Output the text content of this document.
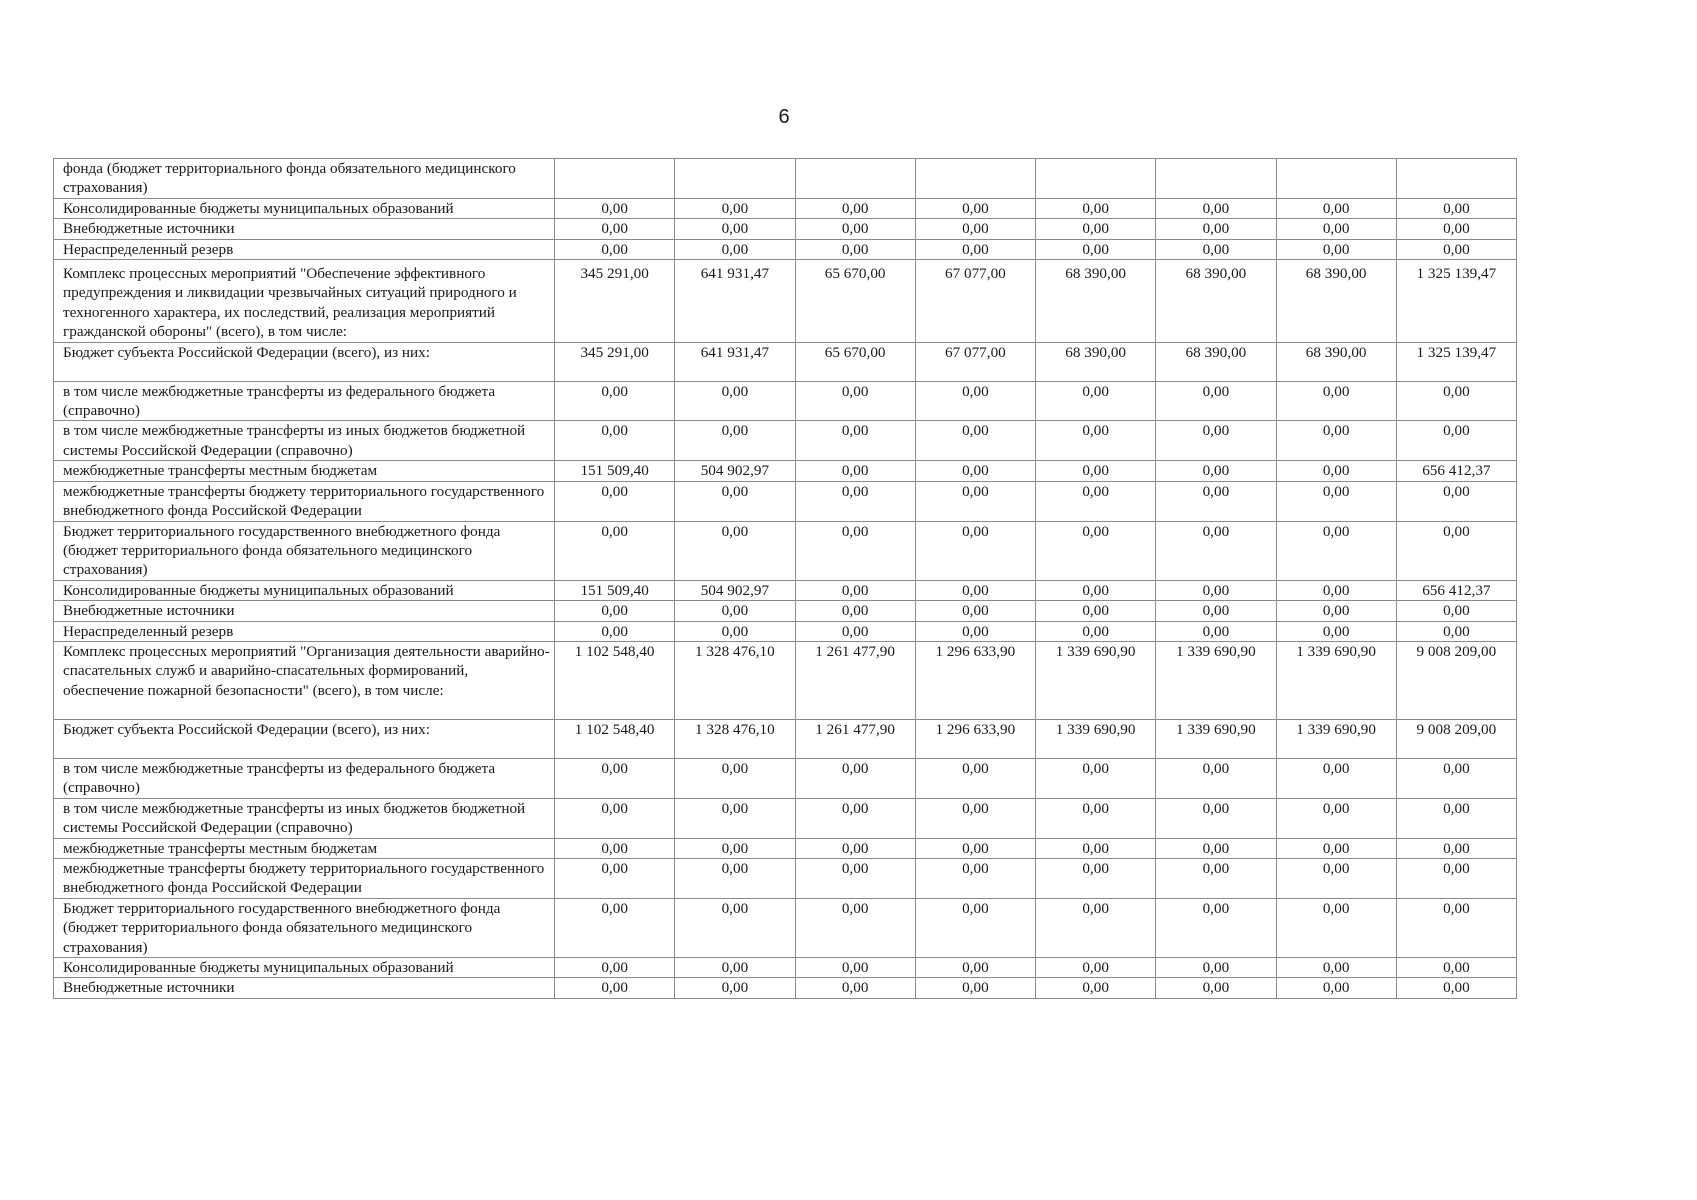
6
фонда (бюджет территориального фонда обязательного медицинского страхования)								
Консолидированные бюджеты муниципальных образований	0,00	0,00	0,00	0,00	0,00	0,00	0,00	0,00
Внебюджетные источники	0,00	0,00	0,00	0,00	0,00	0,00	0,00	0,00
Нераспределенный резерв	0,00	0,00	0,00	0,00	0,00	0,00	0,00	0,00
Комплекс процессных мероприятий "Обеспечение эффективного предупреждения и ликвидации чрезвычайных ситуаций природного и техногенного характера, их последствий, реализация мероприятий гражданской обороны" (всего), в том числе:	345 291,00	641 931,47	65 670,00	67 077,00	68 390,00	68 390,00	68 390,00	1 325 139,47
Бюджет субъекта Российской Федерации (всего), из них:	345 291,00	641 931,47	65 670,00	67 077,00	68 390,00	68 390,00	68 390,00	1 325 139,47
в том числе межбюджетные трансферты из федерального бюджета (справочно)	0,00	0,00	0,00	0,00	0,00	0,00	0,00	0,00
в том числе межбюджетные трансферты из иных бюджетов бюджетной системы Российской Федерации (справочно)	0,00	0,00	0,00	0,00	0,00	0,00	0,00	0,00
межбюджетные трансферты местным бюджетам	151 509,40	504 902,97	0,00	0,00	0,00	0,00	0,00	656 412,37
межбюджетные трансферты бюджету территориального государственного внебюджетного фонда Российской Федерации	0,00	0,00	0,00	0,00	0,00	0,00	0,00	0,00
Бюджет территориального государственного внебюджетного фонда (бюджет территориального фонда обязательного медицинского страхования)	0,00	0,00	0,00	0,00	0,00	0,00	0,00	0,00
Консолидированные бюджеты муниципальных образований	151 509,40	504 902,97	0,00	0,00	0,00	0,00	0,00	656 412,37
Внебюджетные источники	0,00	0,00	0,00	0,00	0,00	0,00	0,00	0,00
Нераспределенный резерв	0,00	0,00	0,00	0,00	0,00	0,00	0,00	0,00
Комплекс процессных мероприятий "Организация деятельности аварийно-спасательных служб и аварийно-спасательных формирований, обеспечение пожарной безопасности" (всего), в том числе:	1 102 548,40	1 328 476,10	1 261 477,90	1 296 633,90	1 339 690,90	1 339 690,90	1 339 690,90	9 008 209,00
Бюджет субъекта Российской Федерации (всего), из них:	1 102 548,40	1 328 476,10	1 261 477,90	1 296 633,90	1 339 690,90	1 339 690,90	1 339 690,90	9 008 209,00
в том числе межбюджетные трансферты из федерального бюджета (справочно)	0,00	0,00	0,00	0,00	0,00	0,00	0,00	0,00
в том числе межбюджетные трансферты из иных бюджетов бюджетной системы Российской Федерации (справочно)	0,00	0,00	0,00	0,00	0,00	0,00	0,00	0,00
межбюджетные трансферты местным бюджетам	0,00	0,00	0,00	0,00	0,00	0,00	0,00	0,00
межбюджетные трансферты бюджету территориального государственного внебюджетного фонда Российской Федерации	0,00	0,00	0,00	0,00	0,00	0,00	0,00	0,00
Бюджет территориального государственного внебюджетного фонда (бюджет территориального фонда обязательного медицинского страхования)	0,00	0,00	0,00	0,00	0,00	0,00	0,00	0,00
Консолидированные бюджеты муниципальных образований	0,00	0,00	0,00	0,00	0,00	0,00	0,00	0,00
Внебюджетные источники	0,00	0,00	0,00	0,00	0,00	0,00	0,00	0,00
